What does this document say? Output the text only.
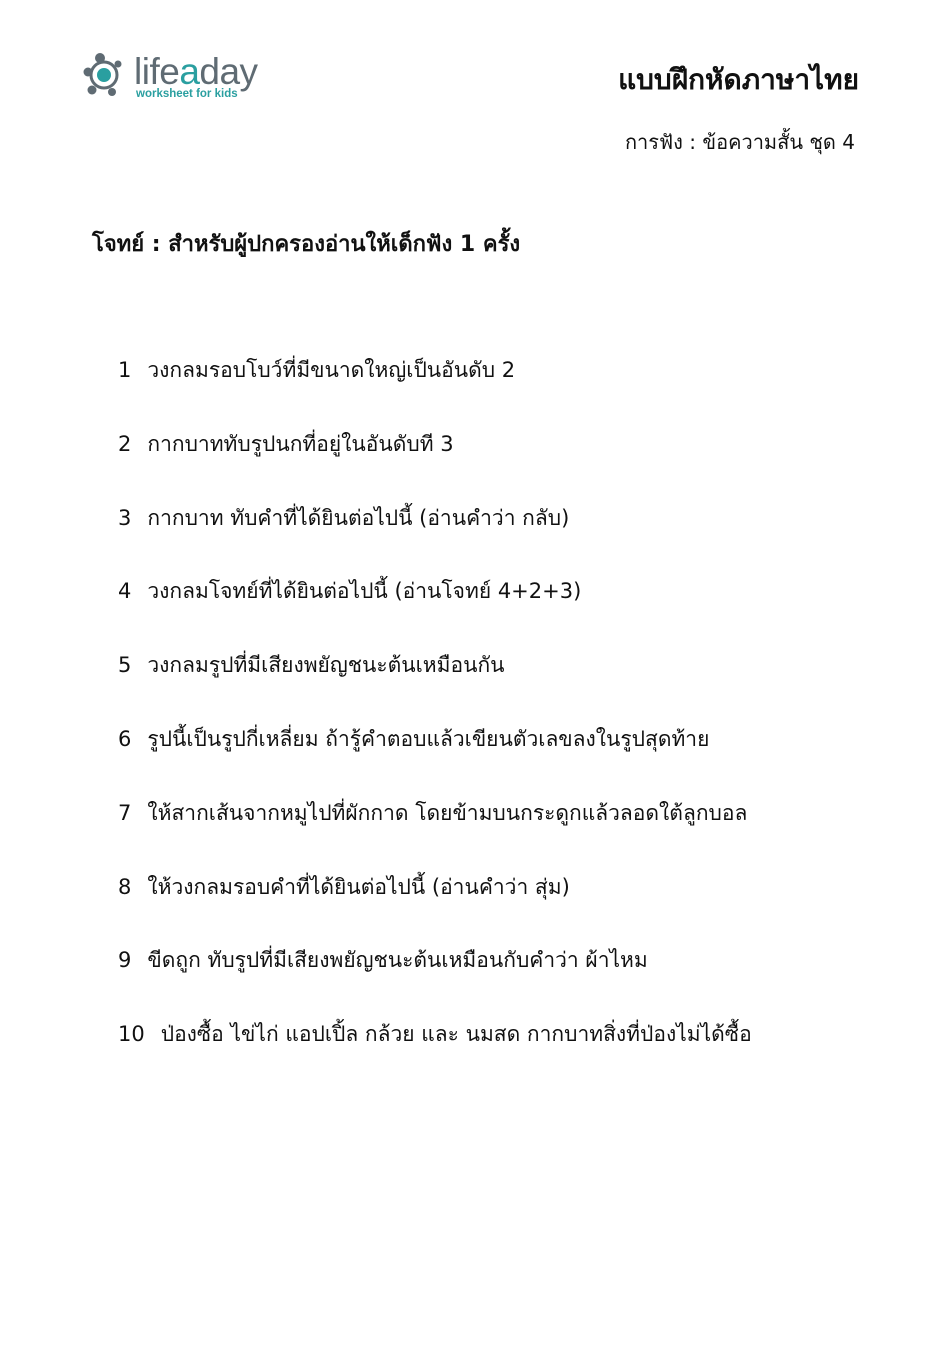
lifeaday
worksheet for kids	แบบฝึกหัดภาษาไทย
การฟัง : ข้อความสั้น ชุด 4
โจทย์ : สำหรับผู้ปกครองอ่านให้เด็กฟัง 1 ครั้ง
1 วงกลมรอบโบว์ที่มีขนาดใหญ่เป็นอันดับ 2
2 กากบาททับรูปนกที่อยู่ในอันดับที 3
3 กากบาท ทับคำที่ได้ยินต่อไปนี้ (อ่านคำว่า กลับ)
4 วงกลมโจทย์ที่ได้ยินต่อไปนี้ (อ่านโจทย์ 4+2+3)
5 วงกลมรูปที่มีเสียงพยัญชนะต้นเหมือนกัน
6 รูปนี้เป็นรูปกี่เหลี่ยม ถ้ารู้คำตอบแล้วเขียนตัวเลขลงในรูปสุดท้าย
7 ให้สากเส้นจากหมูไปที่ผักกาด โดยข้ามบนกระดูกแล้วลอดใต้ลูกบอล
8 ให้วงกลมรอบคำที่ได้ยินต่อไปนี้ (อ่านคำว่า สุ่ม)
9 ขีดถูก ทับรูปที่มีเสียงพยัญชนะต้นเหมือนกับคำว่า ผ้าไหม
10 ป่องซื้อ ไข่ไก่ แอปเปิ้ล กล้วย และ นมสด กากบาทสิ่งที่ป่องไม่ได้ซื้อ
